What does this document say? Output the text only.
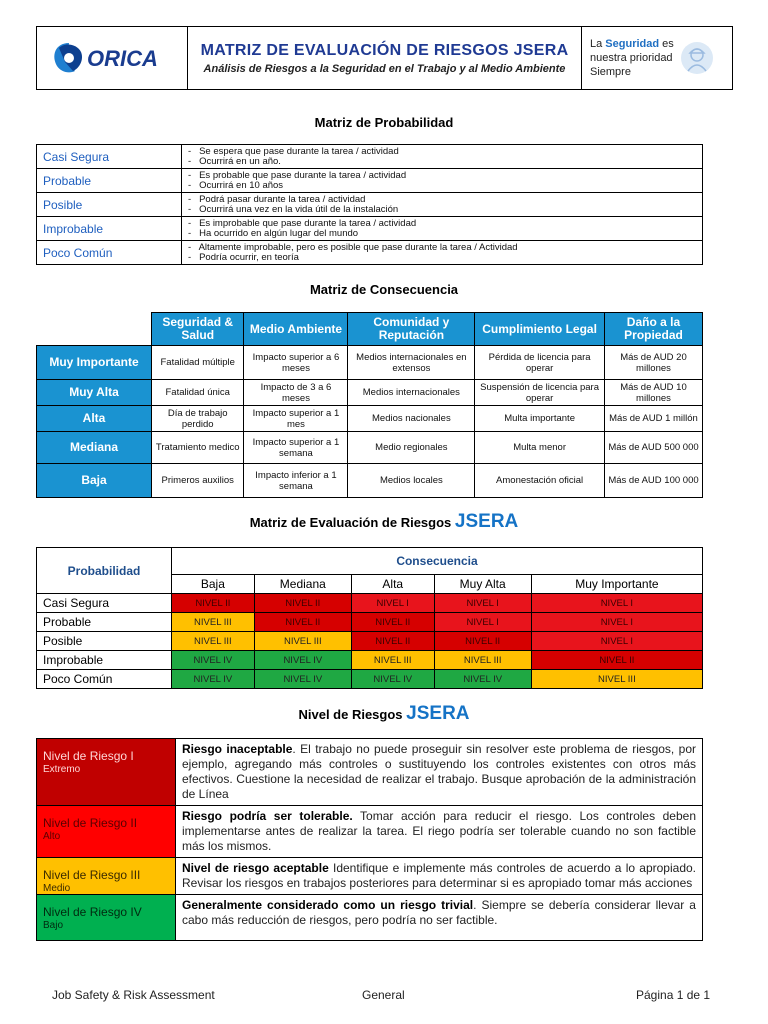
ORICA	MATRIZ DE EVALUACIÓN DE RIESGOS JSERA
Análisis de Riesgos a la Seguridad en el Trabajo y al Medio Ambiente
La Seguridad es nuestra prioridad Siempre
Matriz de Probabilidad
Casi Segura	- Se espera que pase durante la tarea / actividad
- Ocurrirá en un año.

Probable	- Es probable que pase durante la tarea / actividad
- Ocurrirá en 10 años

Posible	- Podrá pasar durante la tarea / actividad
- Ocurrirá una vez en la vida útil de la instalación

Improbable	- Es improbable que pase durante la tarea / actividad
- Ha ocurrido en algún lugar del mundo

Poco Común	- Altamente improbable, pero es posible que pase durante la tarea / Actividad
- Podría ocurrir, en teoría
Matriz de Consecuencia
	Seguridad & Salud	Medio Ambiente	Comunidad y Reputación	Cumplimiento Legal	Daño a la Propiedad
Muy Importante	Fatalidad múltiple	Impacto superior a 6 meses	Medios internacionales en extensos	Pérdida de licencia para operar	Más de AUD 20 millones
Muy Alta	Fatalidad única	Impacto de 3 a 6 meses	Medios internacionales	Suspensión de licencia para operar	Más de AUD 10 millones
Alta	Día de trabajo perdido	Impacto superior a 1 mes	Medios nacionales	Multa importante	Más de AUD 1 millón
Mediana	Tratamiento medico	Impacto superior a 1 semana	Medio regionales	Multa menor	Más de AUD 500 000
Baja	Primeros auxilios	Impacto inferior a 1 semana	Medios locales	Amonestación oficial	Más de AUD 100 000
Matriz de Evaluación de Riesgos JSERA
Probabilidad	Consecuencia				
	Baja	Mediana	Alta	Muy Alta	Muy Importante
Casi Segura	NIVEL II	NIVEL II	NIVEL I	NIVEL I	NIVEL I
Probable	NIVEL III	NIVEL II	NIVEL II	NIVEL I	NIVEL I
Posible	NIVEL III	NIVEL III	NIVEL II	NIVEL II	NIVEL I
Improbable	NIVEL IV	NIVEL IV	NIVEL III	NIVEL III	NIVEL II
Poco Común	NIVEL IV	NIVEL IV	NIVEL IV	NIVEL IV	NIVEL III
Nivel de Riesgos JSERA
Nivel de Riesgo I
Extremo	Riesgo inaceptable. El trabajo no puede proseguir sin resolver este problema de riesgos, por ejemplo, agregando más controles o sustituyendo los controles existentes con otros más efectivos. Cuestione la necesidad de realizar el trabajo. Busque aprobación de la administración de Línea
Nivel de Riesgo II
Alto	Riesgo podría ser tolerable. Tomar acción para reducir el riesgo. Los controles deben implementarse antes de realizar la tarea. El riego podría ser tolerable cuando no son factible más los mismos.
Nivel de Riesgo III
Medio	Nivel de riesgo aceptable Identifique e implemente más controles de acuerdo a lo apropiado. Revisar los riesgos en trabajos posteriores para determinar si es apropiado tomar más acciones
Nivel de Riesgo IV
Bajo	Generalmente considerado como un riesgo trivial. Siempre se debería considerar llevar a cabo más reducción de riesgos, pero podría no ser factible.
Job Safety & Risk Assessment	General	Página 1 de 1
